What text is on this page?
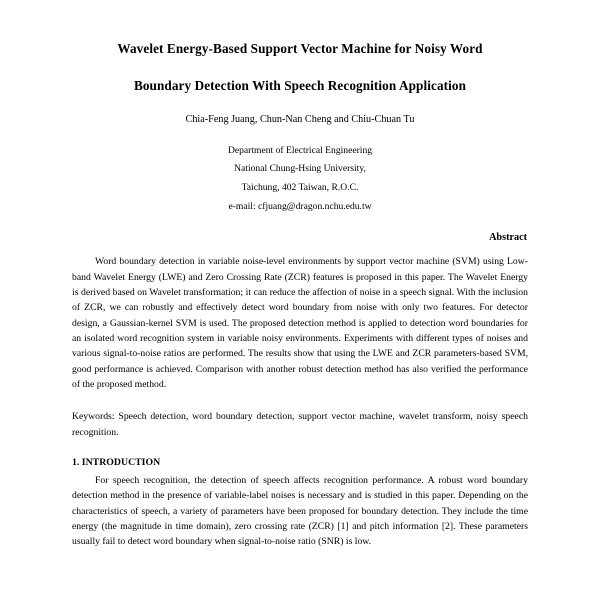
Wavelet Energy-Based Support Vector Machine for Noisy Word
Boundary Detection With Speech Recognition Application
Chia-Feng Juang, Chun-Nan Cheng and Chiu-Chuan Tu
Department of Electrical Engineering
National Chung-Hsing University,
Taichung, 402 Taiwan, R.O.C.
e-mail: cfjuang@dragon.nchu.edu.tw
Abstract
Word boundary detection in variable noise-level environments by support vector machine (SVM) using Low-band Wavelet Energy (LWE) and Zero Crossing Rate (ZCR) features is proposed in this paper. The Wavelet Energy is derived based on Wavelet transformation; it can reduce the affection of noise in a speech signal. With the inclusion of ZCR, we can robustly and effectively detect word boundary from noise with only two features. For detector design, a Gaussian-kernel SVM is used. The proposed detection method is applied to detection word boundaries for an isolated word recognition system in variable noisy environments. Experiments with different types of noises and various signal-to-noise ratios are performed. The results show that using the LWE and ZCR parameters-based SVM, good performance is achieved. Comparison with another robust detection method has also verified the performance of the proposed method.
Keywords: Speech detection, word boundary detection, support vector machine, wavelet transform, noisy speech recognition.
1. INTRODUCTION
For speech recognition, the detection of speech affects recognition performance. A robust word boundary detection method in the presence of variable-label noises is necessary and is studied in this paper. Depending on the characteristics of speech, a variety of parameters have been proposed for boundary detection. They include the time energy (the magnitude in time domain), zero crossing rate (ZCR) [1] and pitch information [2]. These parameters usually fail to detect word boundary when signal-to-noise ratio (SNR) is low.
